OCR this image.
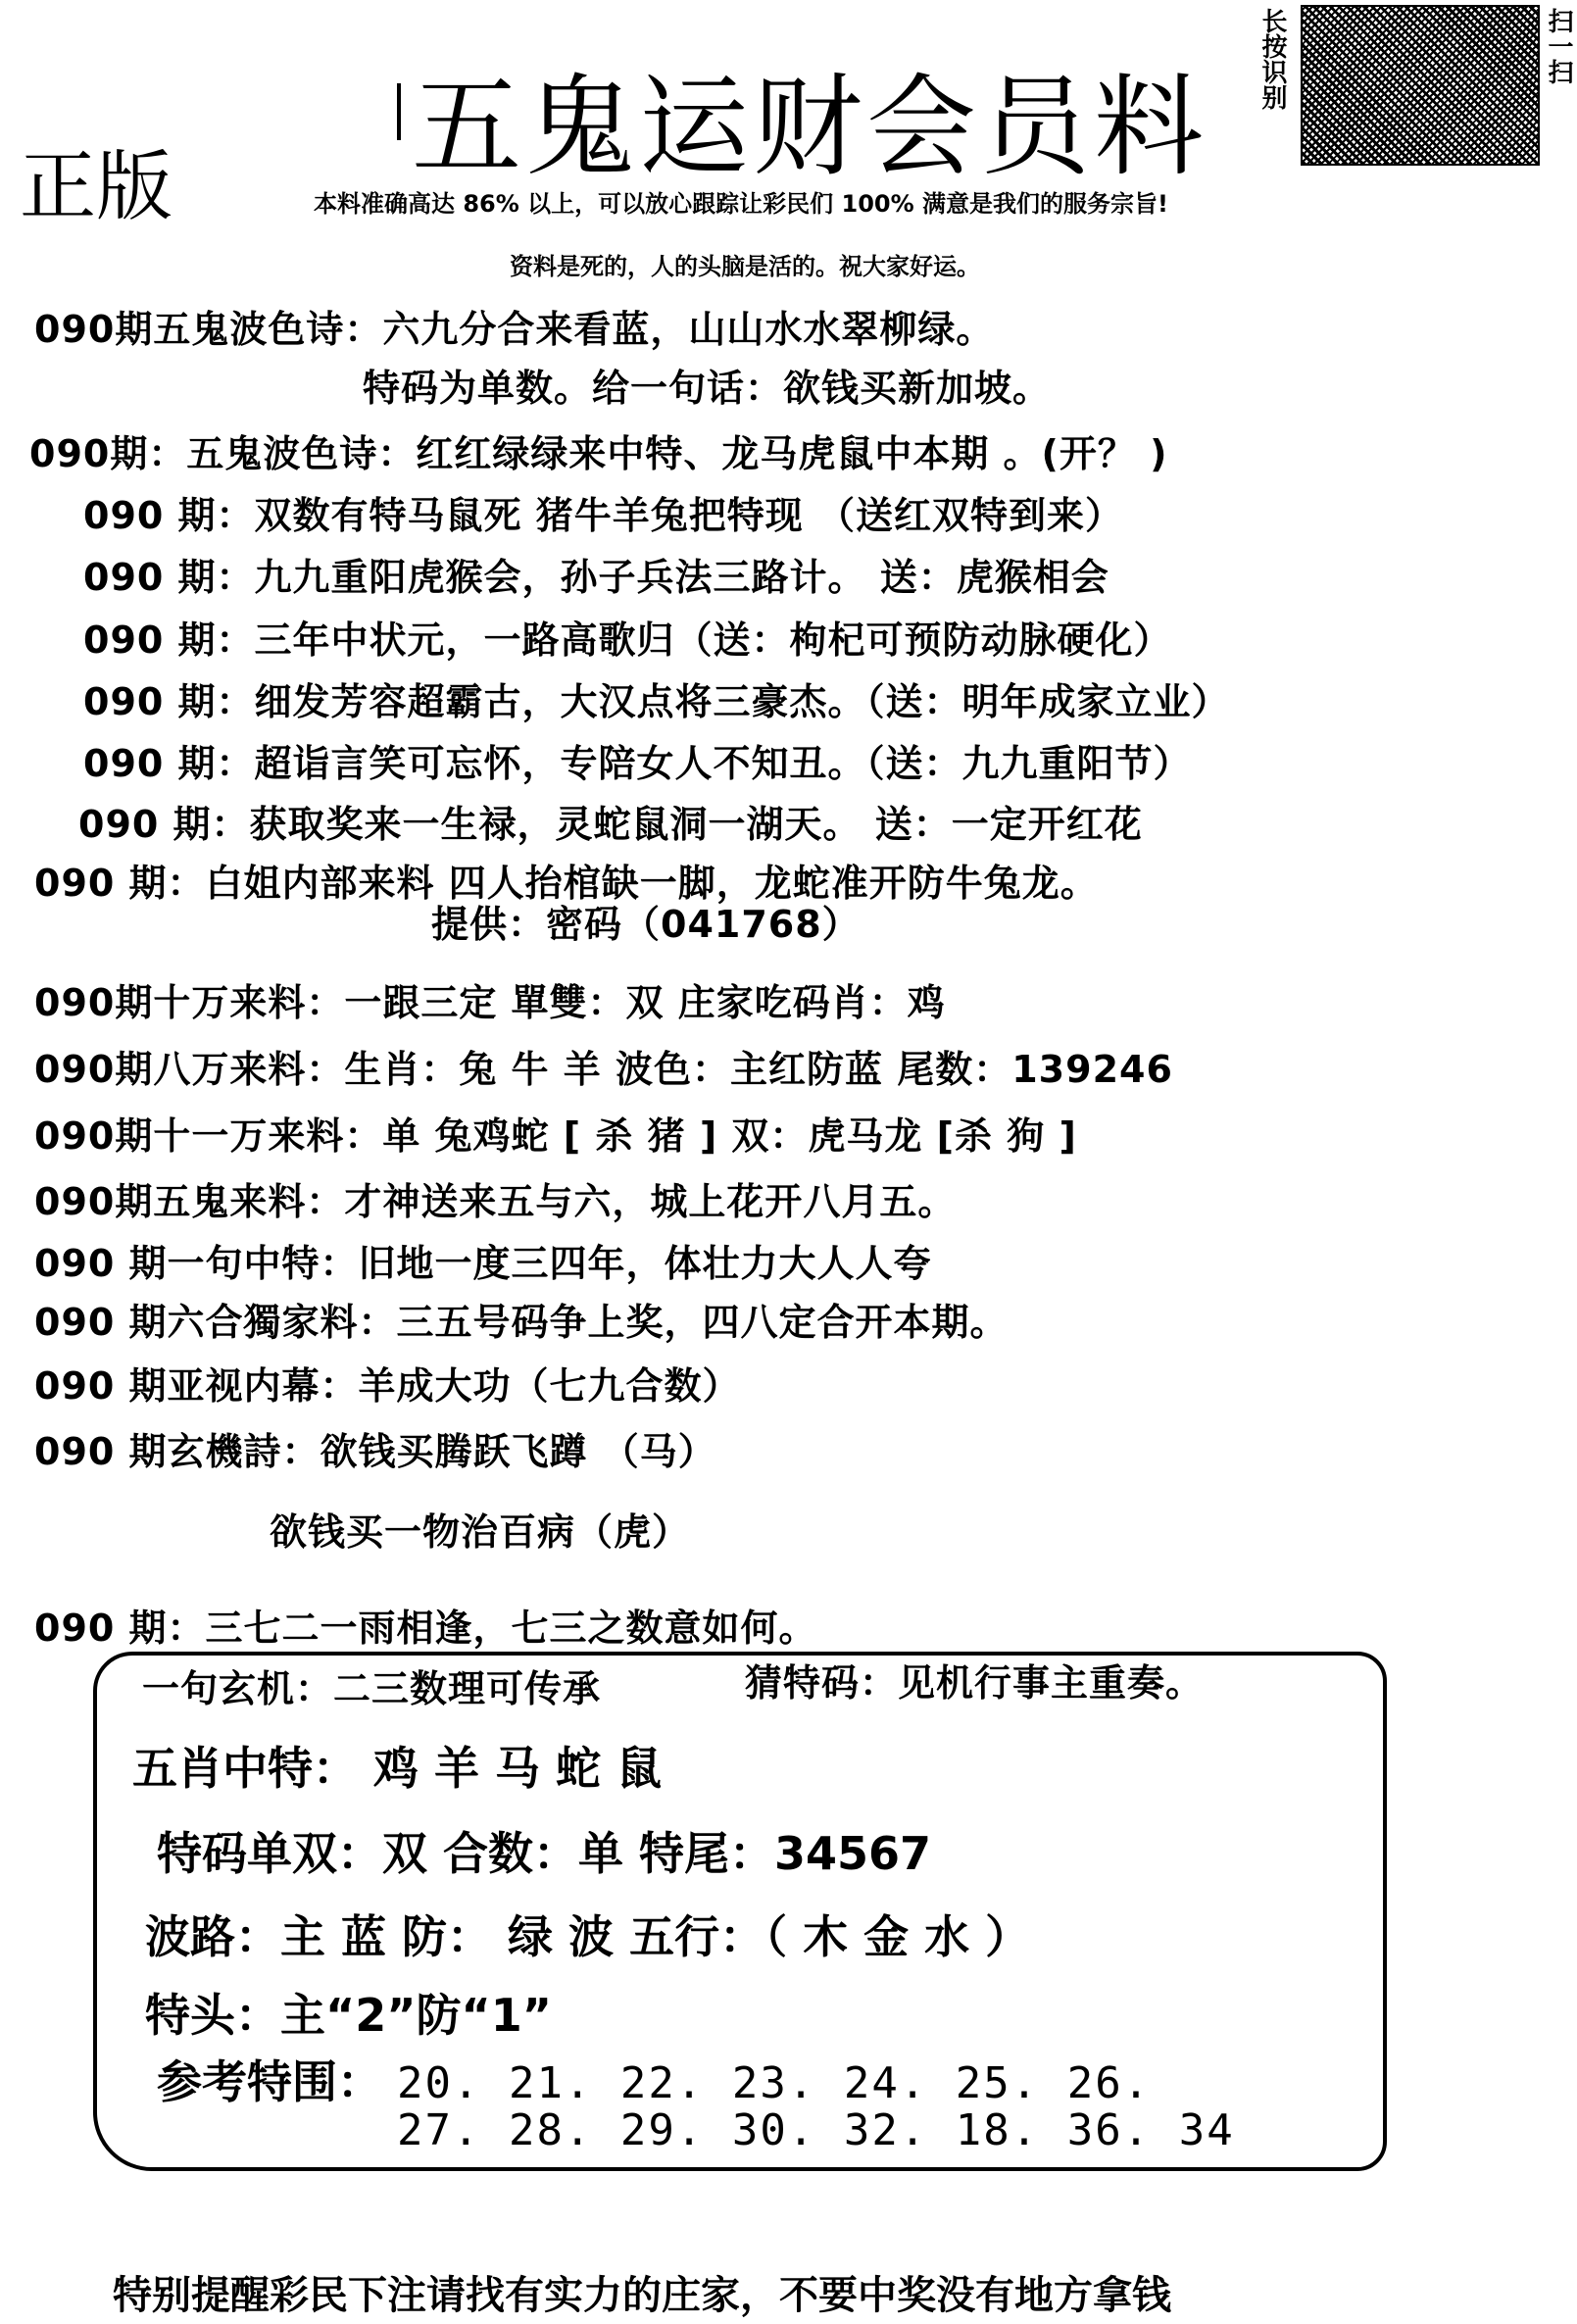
五鬼运财会员料
正版
长按识别	扫一扫
本料准确高达 86% 以上，可以放心跟踪让彩民们 100% 满意是我们的服务宗旨!
资料是死的，人的头脑是活的。祝大家好运。
090期五鬼波色诗：六九分合来看蓝，山山水水翠柳绿。
特码为单数。给一句话：欲钱买新加坡。
090期：五鬼波色诗：红红绿绿来中特、龙马虎鼠中本期 。(开？ )
090 期：双数有特马鼠死 猪牛羊兔把特现 （送红双特到来）
090 期：九九重阳虎猴会，孙子兵法三路计。 送：虎猴相会
090 期：三年中状元，一路高歌归（送：枸杞可预防动脉硬化）
090 期：细发芳容超霸古，大汉点将三豪杰。（送：明年成家立业）
090 期：超诣言笑可忘怀，专陪女人不知丑。（送：九九重阳节）
090 期：获取奖来一生禄，灵蛇鼠洞一湖天。 送：一定开红花
090 期：白姐内部来料 四人抬棺缺一脚，龙蛇准开防牛兔龙。
提供：密码（041768）
090期十万来料：一跟三定 單雙：双 庄家吃码肖：鸡
090期八万来料：生肖：兔 牛 羊 波色：主红防蓝 尾数：139246
090期十一万来料：单 兔鸡蛇 [ 杀 猪 ] 双：虎马龙 [杀 狗 ]
090期五鬼来料：才神送来五与六，城上花开八月五。
090 期一句中特：旧地一度三四年，体壮力大人人夸
090 期六合獨家料：三五号码争上奖，四八定合开本期。
090 期亚视内幕：羊成大功（七九合数）
090 期玄機詩：欲钱买腾跃飞蹲 （马）
欲钱买一物治百病（虎）
090 期：三七二一雨相逢，七三之数意如何。
一句玄机：二三数理可传承	猜特码：见机行事主重奏。
五肖中特： 鸡 羊 马 蛇 鼠
特码单双：双 合数：单 特尾：34567
波路：主 蓝 防： 绿 波 五行：（ 木 金 水 ）
特头：主“2”防“1”
参考特围： 20. 21. 22. 23. 24. 25. 26.
27. 28. 29. 30. 32. 18. 36. 34
特别提醒彩民下注请找有实力的庄家，不要中奖没有地方拿钱
